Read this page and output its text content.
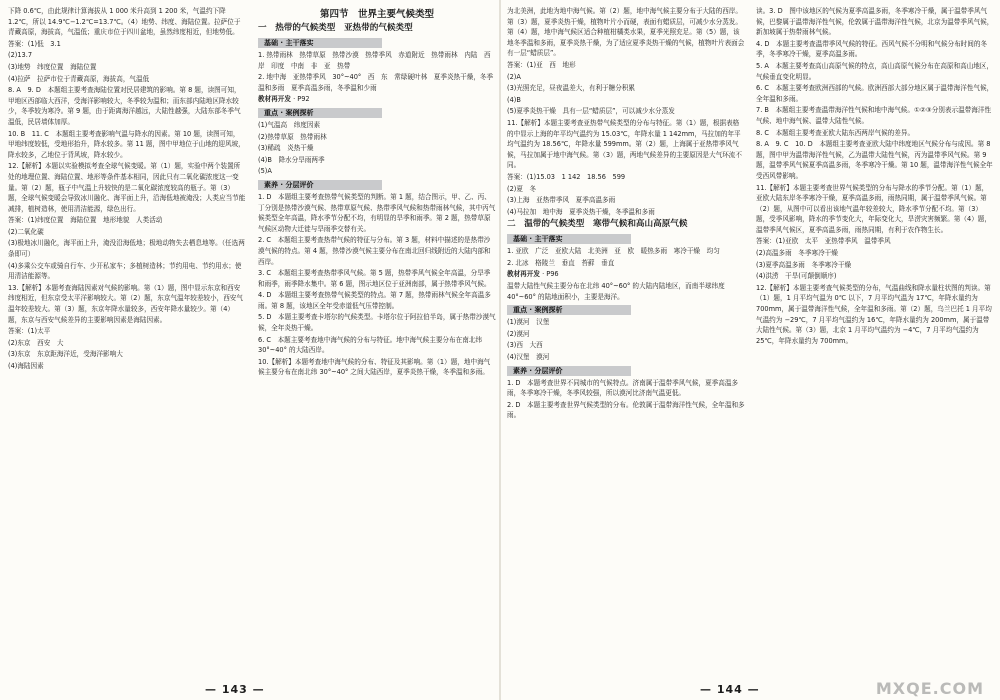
下降 0.6℃，由此规律计算海拔从 1 000 米升高到 1 200 米，气温约下降 1.2℃，所以 14.9℃−1.2℃=13.7℃。（4）地势、纬度、海陆位置。拉萨位于青藏高原，海拔高，气温低；重庆市位于四川盆地，虽然纬度相近，但地势低。

答案：(1)低　3.1

(2)13.7

(3)地势　纬度位置　海陆位置

(4)拉萨　拉萨市位于青藏高原，海拔高，气温低

8. A　9. D　本题组主要考查海陆位置对民居建筑的影响。第 8 题，读图可知，甲地区西部临大西洋，受海洋影响较大，冬季较为温和；而东部内陆地区降水较少，冬季较为寒冷。第 9 题，由于距离海洋越远，大陆性越强，大陆东部冬季气温低，民居墙体加厚。

10. B　11. C　本题组主要考查影响气温与降水的因素。第 10 题，读图可知，甲地纬度较低，受地形抬升，降水较多。第 11 题，图中甲地位于山地的迎风坡，降水较多，乙地位于背风坡，降水较少。

12.【解析】本题以实验模拟考查全球气候变暖。第（1）题，实验中两个装置所处的地理位置、海陆位置、地形等条件基本相同，因此只有二氧化碳浓度这一变量。第（2）题，瓶子中气温上升较快的是二氧化碳浓度较高的瓶子。第（3）题，全球气候变暖会导致冰川融化、海平面上升，沿海低地被淹没；人类应当节能减排，植树造林，使用清洁能源，绿色出行。

答案：(1)纬度位置　海陆位置　地形地貌　人类活动

(2)二氧化碳

(3)极地冰川融化，海平面上升，淹没沿海低地；极地动物失去栖息地等。（任选两条即可）

(4)多乘公交车或骑自行车、少开私家车；多植树造林；节约用电、节约用水；使用清洁能源等。

13.【解析】本题考查海陆因素对气候的影响。第（1）题，图中显示东京和西安纬度相近，但东京受太平洋影响较大。第（2）题，东京气温年较差较小，西安气温年较差较大。第（3）题，东京年降水量较多，西安年降水量较少。第（4）题，东京与西安气候差异的主要影响因素是海陆因素。

答案：(1)太平

(2)东京　西安　大

(3)东京　东京距海洋近，受海洋影响大

(4)海陆因素

第四节　世界主要气候类型
一　热带的气候类型　亚热带的气候类型
基础 · 主干落实

1. 热带雨林　热带草原　热带沙漠　热带季风　赤道附近　热带雨林　内陆　西岸　印度　中南　非　亚　热带

2. 地中海　亚热带季风　30°~40°　西　东　常绿硬叶林　夏季炎热干燥，冬季温和多雨　夏季高温多雨，冬季温和少雨

教材再开发 · P92

重点 · 案例探析

(1)气温高　纬度因素

(2)热带草原　热带雨林

(3)稀疏　炎热干燥

(4)B　降水分旱雨两季

(5)A

素养 · 分层评价

1. D　本题组主要考查热带气候类型的判断。第 1 题，结合图示，甲、乙、丙、丁分别是热带沙漠气候、热带草原气候、热带季风气候和热带雨林气候，其中丙气候类型全年高温，降水季节分配不均，有明显的旱季和雨季。第 2 题，热带草原气候区动物大迁徙与旱雨季交替有关。

2. C　本题组主要考查热带气候的特征与分布。第 3 题，材料中描述的是热带沙漠气候的特点。第 4 题，热带沙漠气候主要分布在南北回归线附近的大陆内部和西岸。

3. C　本题组主要考查热带季风气候。第 5 题，热带季风气候全年高温，分旱季和雨季，雨季降水集中。第 6 题，图示地区位于亚洲南部，属于热带季风气候。

4. D　本题组主要考查热带气候类型的特点。第 7 题，热带雨林气候全年高温多雨。第 8 题，该地区全年受赤道低气压带控制。

5. D　本题主要考查卡塔尔的气候类型。卡塔尔位于阿拉伯半岛，属于热带沙漠气候，全年炎热干燥。

6. C　本题主要考查地中海气候的分布与特征。地中海气候主要分布在南北纬 30°~40° 的大陆西岸。

10.【解析】本题考查地中海气候的分布、特征及其影响。第（1）题，地中海气候主要分布在南北纬 30°~40° 之间大陆西岸，夏季炎热干燥，冬季温和多雨。

为北美洲，此地为地中海气候。第（2）题，地中海气候主要分布于大陆的西岸。第（3）题，夏季炎热干燥，植物叶片小而硬，表面有蜡质层，可减少水分蒸发。第（4）题，地中海气候区适合种植柑橘类水果，夏季光照充足。第（5）题，该地冬季温和多雨，夏季炎热干燥，为了适应夏季炎热干燥的气候，植物叶片表面会有一层“蜡质层”。

答案：(1)亚　西　地形

(2)A

(3)光照充足，昼夜温差大，有利于糖分积累

(4)B

(5)夏季炎热干燥　具有一层“蜡质层”，可以减少水分蒸发

11.【解析】本题主要考查亚热带气候类型的分布与特征。第（1）题，根据表格的中显示上海的年平均气温约为 15.03℃，年降水量 1 142mm，马拉加的年平均气温约为 18.56℃，年降水量 599mm。第（2）题，上海属于亚热带季风气候，马拉加属于地中海气候。第（3）题，两地气候差异的主要原因是大气环流不同。

答案：(1)15.03　1 142　18.56　599

(2)夏　冬

(3)上海　亚热带季风　夏季高温多雨

(4)马拉加　地中海　夏季炎热干燥，冬季温和多雨

二　温带的气候类型　寒带气候和高山高原气候
基础 · 主干落实

1. 亚欧　广泛　亚欧大陆　北美洲　亚　欧　暖热多雨　寒冷干燥　均匀

2. 北冰　格陵兰　垂直　苔藓　垂直

教材再开发 · P96

温带大陆性气候主要分布在北纬 40°~60° 的大陆内陆地区，而南半球纬度 40°~60° 的陆地面积小，主要是海洋。

重点 · 案例探析

(1)漠河　汉堡

(2)漠河

(3)西　大西

(4)汉堡　漠河

素养 · 分层评价

1. D　本题考查世界不同城市的气候特点。济南属于温带季风气候，夏季高温多雨，冬季寒冷干燥，冬季风较强，所以漠河比济南气温更低。

2. D　本题主要考查世界气候类型的分布。伦敦属于温带海洋性气候，全年温和多雨。

读。3. D　图中该地区的气候为夏季高温多雨，冬季寒冷干燥，属于温带季风气候，巴黎属于温带海洋性气候，伦敦属于温带海洋性气候，北京为温带季风气候，新加坡属于热带雨林气候。

4. D　本题主要考查温带季风气候的特征。西风气候不分明和气候分布时间的冬季，冬季寒冷干燥，夏季高温多雨。

5. A　本题主要考查高山高原气候的特点，高山高原气候分布在高原和高山地区，气候垂直变化明显。

6. C　本题主要考查欧洲西部的气候。欧洲西部大部分地区属于温带海洋性气候，全年温和多雨。

7. B　本题组主要考查温带海洋性气候和地中海气候。①②③分别表示温带海洋性气候、地中海气候、温带大陆性气候。

8. C　本题组主要考查亚欧大陆东西两岸气候的差异。

8. A　9. C　10. D　本题组主要考查亚欧大陆中纬度地区气候分布与成因。第 8 题，图中甲为温带海洋性气候，乙为温带大陆性气候，丙为温带季风气候。第 9 题，温带季风气候夏季高温多雨，冬季寒冷干燥。第 10 题，温带海洋性气候全年受西风带影响。

11.【解析】本题主要考查世界气候类型的分布与降水的季节分配。第（1）题，亚欧大陆东岸冬季寒冷干燥，夏季高温多雨，雨热同期，属于温带季风气候。第（2）题，从图中可以看出该地气温年较差较大，降水季节分配不均。第（3）题，受季风影响，降水的季节变化大，年际变化大，旱涝灾害频繁。第（4）题，温带季风气候区，夏季高温多雨，雨热同期，有利于农作物生长。

答案：(1)亚欧　太平　亚热带季风　温带季风

(2)高温多雨　冬季寒冷干燥

(3)夏季高温多雨　冬季寒冷干燥

(4)洪涝　干旱(可颠倒顺序)

12.【解析】本题主要考查气候类型的分布，气温曲线和降水量柱状图的判读。第（1）题，1 月平均气温为 0℃ 以下，7 月平均气温为 17℃，年降水量约为 700mm，属于温带海洋性气候，全年温和多雨。第（2）题，乌兰巴托 1 月平均气温约为 −29℃，7 月平均气温约为 16℃，年降水量约为 200mm，属于温带大陆性气候。第（3）题，北京 1 月平均气温约为 −4℃，7 月平均气温约为 25℃，年降水量约为 700mm。

— 143 —	— 144 —	MXQE.COM
